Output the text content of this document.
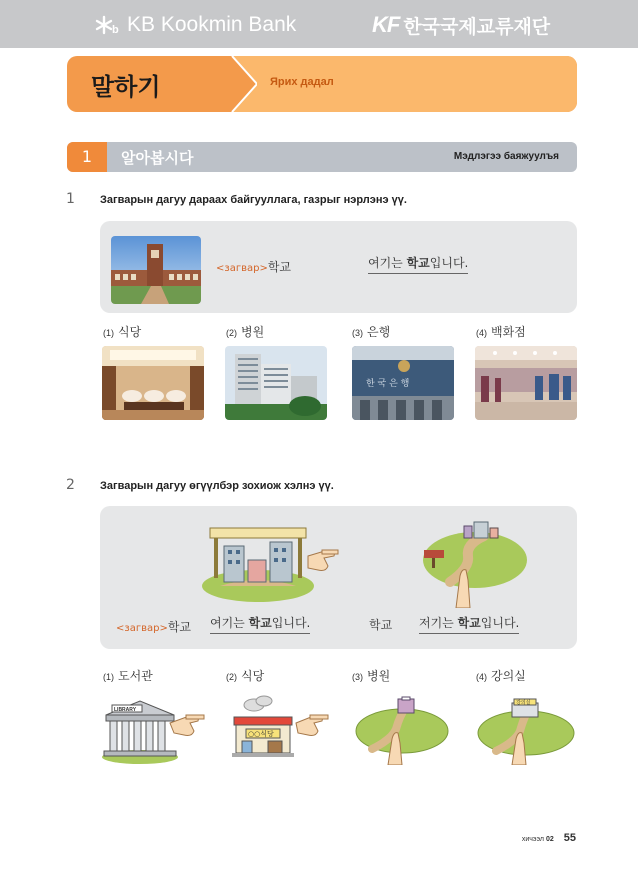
b KB Kookmin Bank	KF 한국국제교류재단
말하기	Ярих дадал
1	알아봅시다	Мэдлэгээ баяжуулъя
1 Загварын дагуу дараах байгууллага, газрыг нэрлэнэ үү.
<загвар>학교	여기는 학교입니다.
(1) 식당	(2) 병원	(3) 은행	(4) 백화점
한 국 은 행
2 Загварын дагуу өгүүлбэр зохиож хэлнэ үү.
<загвар>학교 여기는 학교입니다.	학교 저기는 학교입니다.
(1) 도서관	(2) 식당	(3) 병원	(4) 강의실
LIBRARY
○○식당
강의실
хичээл 02 55
